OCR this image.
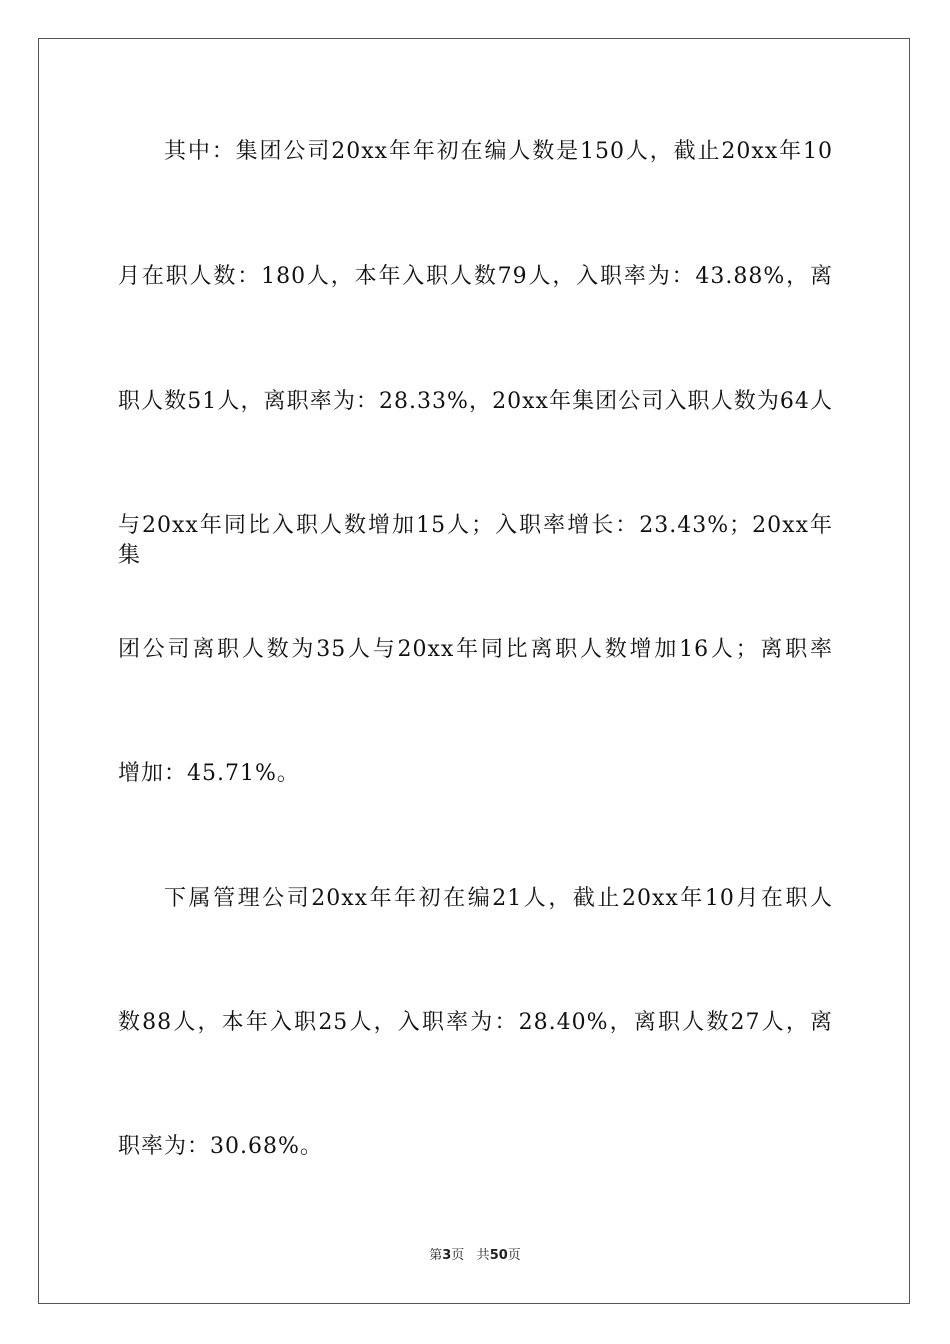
其中：集团公司20xx年年初在编人数是150人，截止20xx年10
月在职人数：180人，本年入职人数79人，入职率为：43.88%，离
职人数51人，离职率为：28.33%，20xx年集团公司入职人数为64人
与20xx年同比入职人数增加15人；入职率增长：23.43%；20xx年集
团公司离职人数为35人与20xx年同比离职人数增加16人；离职率
增加：45.71%。
下属管理公司20xx年年初在编21人，截止20xx年10月在职人
数88人，本年入职25人，入职率为：28.40%，离职人数27人，离
职率为：30.68%。
第3页 共50页
